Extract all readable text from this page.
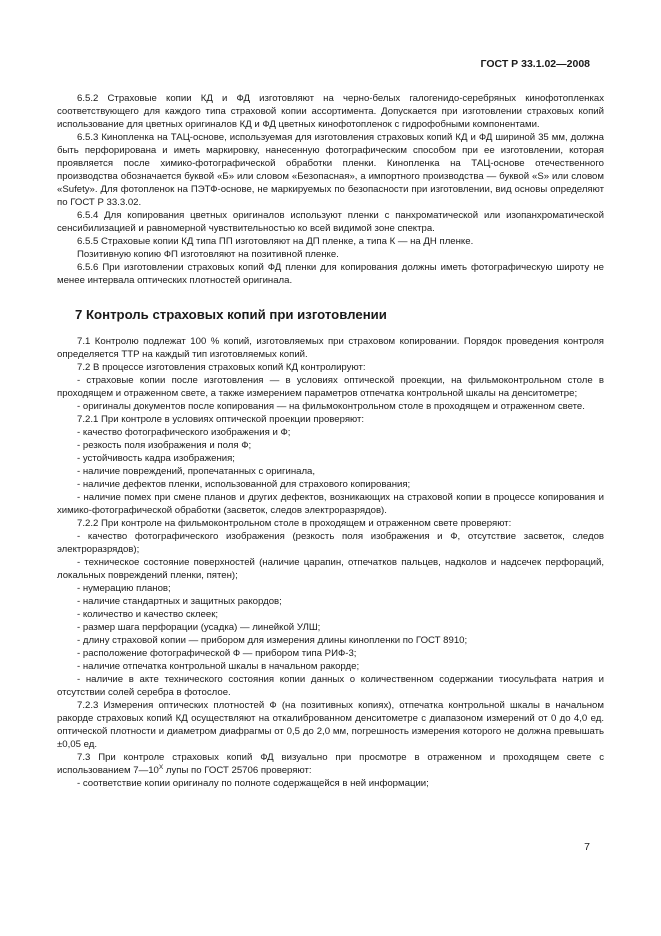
ГОСТ Р 33.1.02—2008

6.5.2 Страховые копии КД и ФД изготовляют на черно-белых галогенидо-серебряных кинофотопленках соответствующего для каждого типа страховой копии ассортимента. Допускается при изготовлении страховых копий использование для цветных оригиналов КД и ФД цветных кинофотопленок с гидрофобными компонентами.

6.5.3 Кинопленка на ТАЦ-основе, используемая для изготовления страховых копий КД и ФД шириной 35 мм, должна быть перфорирована и иметь маркировку, нанесенную фотографическим способом при ее изготовлении, которая проявляется после химико-фотографической обработки пленки. Кинопленка на ТАЦ-основе отечественного производства обозначается буквой «Б» или словом «Безопасная», а импортного производства — буквой «S» или словом «Sufety». Для фотопленок на ПЭТФ-основе, не маркируемых по безопасности при изготовлении, вид основы определяют по ГОСТ Р 33.3.02.

6.5.4 Для копирования цветных оригиналов используют пленки с панхроматической или изопанхроматической сенсибилизацией и равномерной чувствительностью ко всей видимой зоне спектра.

6.5.5 Страховые копии КД типа ПП изготовляют на ДП пленке, а типа К — на ДН пленке.

Позитивную копию ФП изготовляют на позитивной пленке.

6.5.6 При изготовлении страховых копий ФД пленки для копирования должны иметь фотографическую широту не менее интервала оптических плотностей оригинала.

7 Контроль страховых копий при изготовлении

7.1 Контролю подлежат 100 % копий, изготовляемых при страховом копировании. Порядок проведения контроля определяется ТТР на каждый тип изготовляемых копий.

7.2 В процессе изготовления страховых копий КД контролируют:

- страховые копии после изготовления — в условиях оптической проекции, на фильмоконтрольном столе в проходящем и отраженном свете, а также измерением параметров отпечатка контрольной шкалы на денситометре;

- оригиналы документов после копирования — на фильмоконтрольном столе в проходящем и отраженном свете.

7.2.1 При контроле в условиях оптической проекции проверяют:

- качество фотографического изображения и Ф;

- резкость поля изображения и поля Ф;

- устойчивость кадра изображения;

- наличие повреждений, пропечатанных с оригинала,

- наличие дефектов пленки, использованной для страхового копирования;

- наличие помех при смене планов и других дефектов, возникающих на страховой копии в процессе копирования и химико-фотографической обработки (засветок, следов электроразрядов).

7.2.2 При контроле на фильмоконтрольном столе в проходящем и отраженном свете проверяют:

- качество фотографического изображения (резкость поля изображения и Ф, отсутствие засветок, следов электроразрядов);

- техническое состояние поверхностей (наличие царапин, отпечатков пальцев, надколов и надсечек перфораций, локальных повреждений пленки, пятен);

- нумерацию планов;

- наличие стандартных и защитных ракордов;

- количество и качество склеек;

- размер шага перфорации (усадка) — линейкой УЛШ;

- длину страховой копии — прибором для измерения длины кинопленки по ГОСТ 8910;

- расположение фотографической Ф — прибором типа РИФ-3;

- наличие отпечатка контрольной шкалы в начальном ракорде;

- наличие в акте технического состояния копии данных о количественном содержании тиосульфата натрия и отсутствии солей серебра в фотослое.

7.2.3 Измерения оптических плотностей Ф (на позитивных копиях), отпечатка контрольной шкалы в начальном ракорде страховых копий КД осуществляют на откалиброванном денситометре с диапазоном измерений от 0 до 4,0 ед. оптической плотности и диаметром диафрагмы от 0,5 до 2,0 мм, погрешность измерения которого не должна превышать ±0,05 ед.

7.3 При контроле страховых копий ФД визуально при просмотре в отраженном и проходящем свете с использованием $7—10^Х$ лупы по ГОСТ 25706 проверяют:

- соответствие копии оригиналу по полноте содержащейся в ней информации;

7
